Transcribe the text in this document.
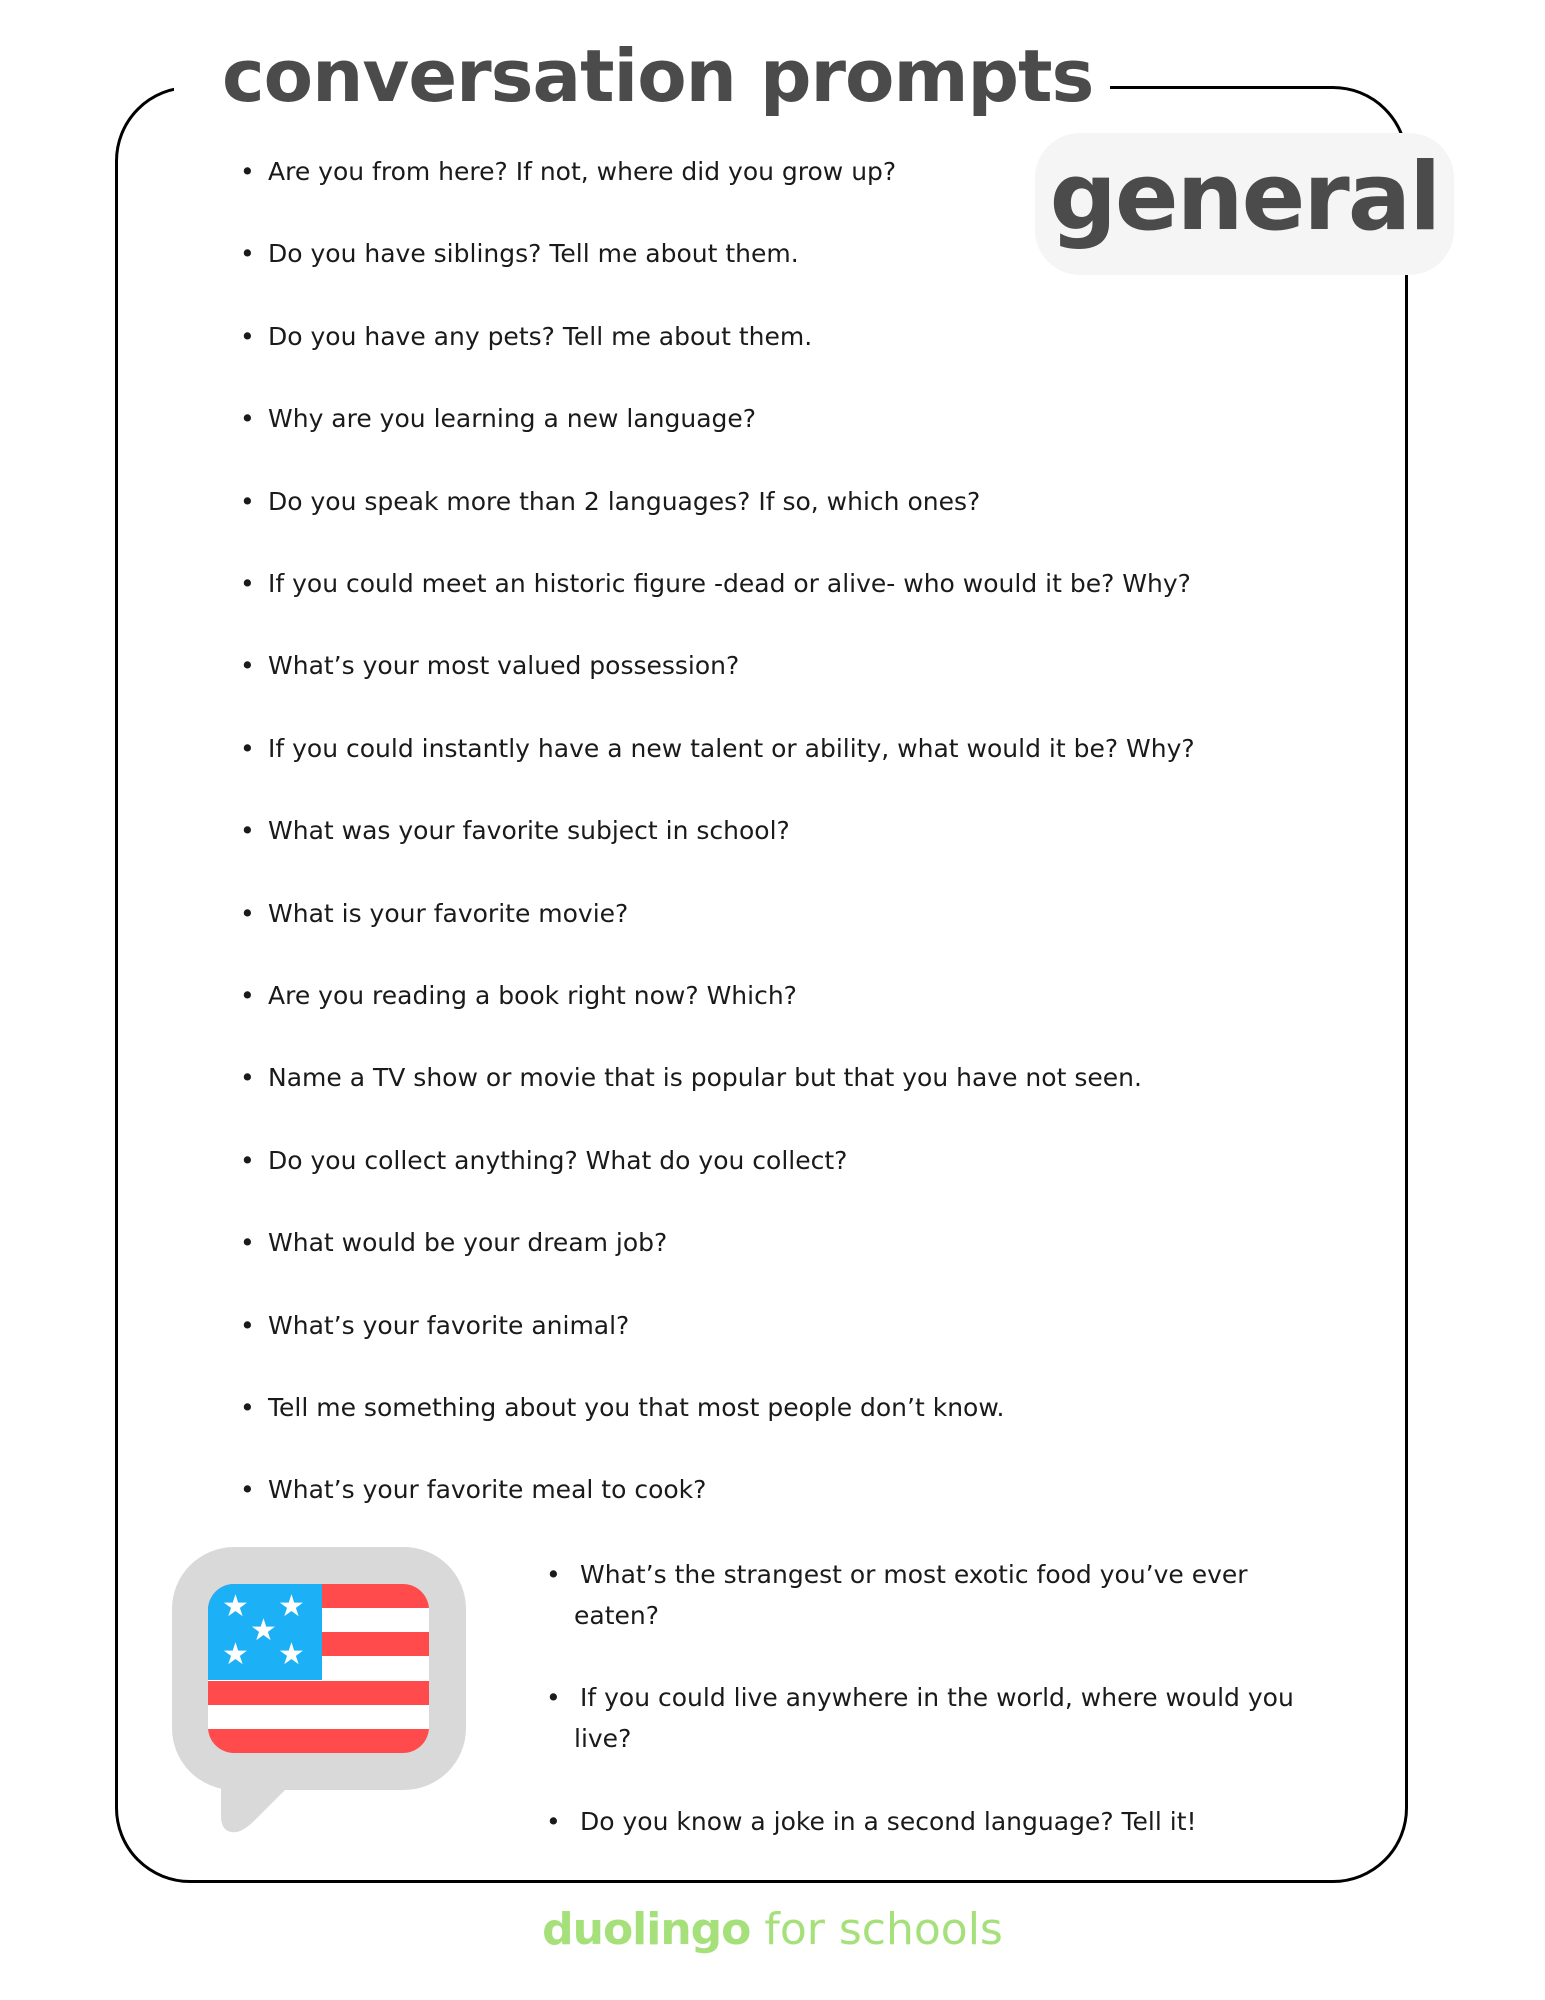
conversation prompts
general
• Are you from here? If not, where did you grow up?
• Do you have siblings? Tell me about them.
• Do you have any pets? Tell me about them.
• Why are you learning a new language?
• Do you speak more than 2 languages? If so, which ones?
• If you could meet an historic figure -dead or alive- who would it be? Why?
• What’s your most valued possession?
• If you could instantly have a new talent or ability, what would it be? Why?
• What was your favorite subject in school?
• What is your favorite movie?
• Are you reading a book right now? Which?
• Name a TV show or movie that is popular but that you have not seen.
• Do you collect anything? What do you collect?
• What would be your dream job?
• What’s your favorite animal?
• Tell me something about you that most people don’t know.
• What’s your favorite meal to cook?
• What’s the strangest or most exotic food you’ve ever eaten?
• If you could live anywhere in the world, where would you live?
• Do you know a joke in a second language? Tell it!
★ ★
★
★ ★
duolingo for schools
